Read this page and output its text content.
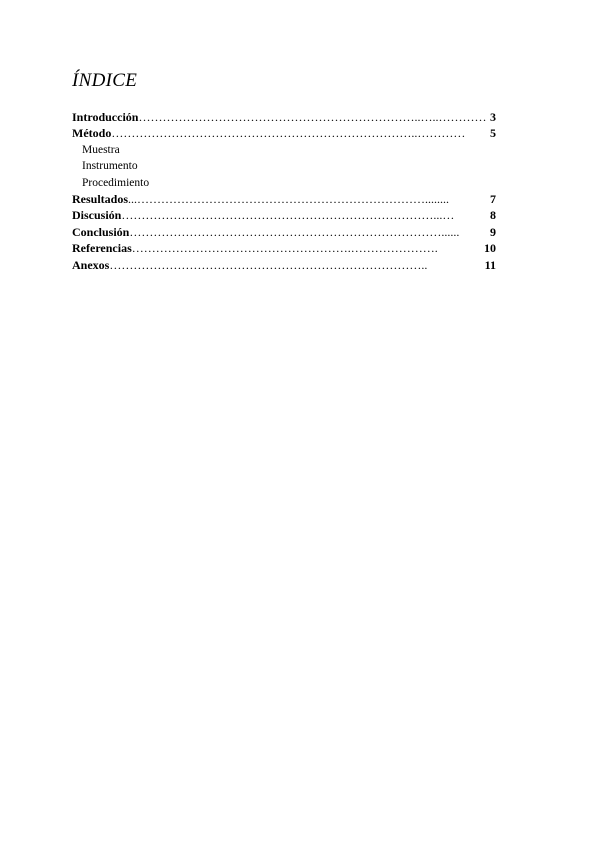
ÍNDICE
Introducción ……………………………………………………………..…..………… 3
Método …………………………………………………………………..…………	5
Muestra
Instrumento
Procedimiento
Resultados ...………………………………………………………………........	7
Discusión ……………………………………………………………………...…	8
Conclusión ……………………………………………………………………......	9
Referencias ……………………………………………….………………….	10
Anexos ……………………………………………………………………..	11
